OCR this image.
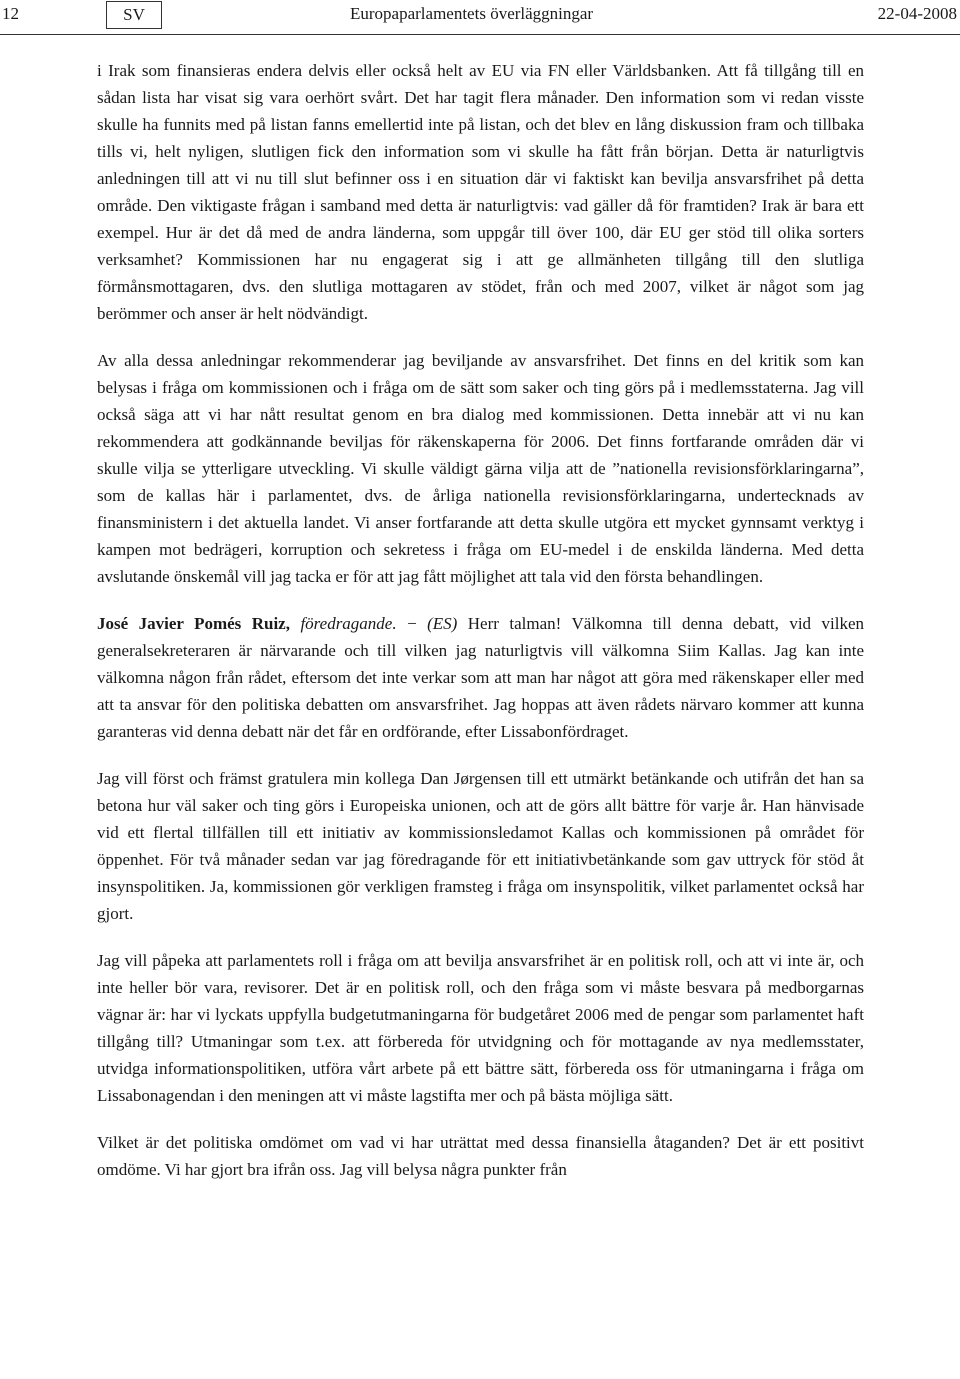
12	SV	Europaparlamentets överläggningar	22-04-2008

i Irak som finansieras endera delvis eller också helt av EU via FN eller Världsbanken. Att få tillgång till en sådan lista har visat sig vara oerhört svårt. Det har tagit flera månader. Den information som vi redan visste skulle ha funnits med på listan fanns emellertid inte på listan, och det blev en lång diskussion fram och tillbaka tills vi, helt nyligen, slutligen fick den information som vi skulle ha fått från början. Detta är naturligtvis anledningen till att vi nu till slut befinner oss i en situation där vi faktiskt kan bevilja ansvarsfrihet på detta område. Den viktigaste frågan i samband med detta är naturligtvis: vad gäller då för framtiden? Irak är bara ett exempel. Hur är det då med de andra länderna, som uppgår till över 100, där EU ger stöd till olika sorters verksamhet? Kommissionen har nu engagerat sig i att ge allmänheten tillgång till den slutliga förmånsmottagaren, dvs. den slutliga mottagaren av stödet, från och med 2007, vilket är något som jag berömmer och anser är helt nödvändigt.

Av alla dessa anledningar rekommenderar jag beviljande av ansvarsfrihet. Det finns en del kritik som kan belysas i fråga om kommissionen och i fråga om de sätt som saker och ting görs på i medlemsstaterna. Jag vill också säga att vi har nått resultat genom en bra dialog med kommissionen. Detta innebär att vi nu kan rekommendera att godkännande beviljas för räkenskaperna för 2006. Det finns fortfarande områden där vi skulle vilja se ytterligare utveckling. Vi skulle väldigt gärna vilja att de ”nationella revisionsförklaringarna”, som de kallas här i parlamentet, dvs. de årliga nationella revisionsförklaringarna, undertecknads av finansministern i det aktuella landet. Vi anser fortfarande att detta skulle utgöra ett mycket gynnsamt verktyg i kampen mot bedrägeri, korruption och sekretess i fråga om EU-medel i de enskilda länderna. Med detta avslutande önskemål vill jag tacka er för att jag fått möjlighet att tala vid den första behandlingen.

José Javier Pomés Ruiz, föredragande. − (ES) Herr talman! Välkomna till denna debatt, vid vilken generalsekreteraren är närvarande och till vilken jag naturligtvis vill välkomna Siim Kallas. Jag kan inte välkomna någon från rådet, eftersom det inte verkar som att man har något att göra med räkenskaper eller med att ta ansvar för den politiska debatten om ansvarsfrihet. Jag hoppas att även rådets närvaro kommer att kunna garanteras vid denna debatt när det får en ordförande, efter Lissabonfördraget.

Jag vill först och främst gratulera min kollega Dan Jørgensen till ett utmärkt betänkande och utifrån det han sa betona hur väl saker och ting görs i Europeiska unionen, och att de görs allt bättre för varje år. Han hänvisade vid ett flertal tillfällen till ett initiativ av kommissionsledamot Kallas och kommissionen på området för öppenhet. För två månader sedan var jag föredragande för ett initiativbetänkande som gav uttryck för stöd åt insynspolitiken. Ja, kommissionen gör verkligen framsteg i fråga om insynspolitik, vilket parlamentet också har gjort.

Jag vill påpeka att parlamentets roll i fråga om att bevilja ansvarsfrihet är en politisk roll, och att vi inte är, och inte heller bör vara, revisorer. Det är en politisk roll, och den fråga som vi måste besvara på medborgarnas vägnar är: har vi lyckats uppfylla budgetutmaningarna för budgetåret 2006 med de pengar som parlamentet haft tillgång till? Utmaningar som t.ex. att förbereda för utvidgning och för mottagande av nya medlemsstater, utvidga informationspolitiken, utföra vårt arbete på ett bättre sätt, förbereda oss för utmaningarna i fråga om Lissabonagendan i den meningen att vi måste lagstifta mer och på bästa möjliga sätt.

Vilket är det politiska omdömet om vad vi har uträttat med dessa finansiella åtaganden? Det är ett positivt omdöme. Vi har gjort bra ifrån oss. Jag vill belysa några punkter från
